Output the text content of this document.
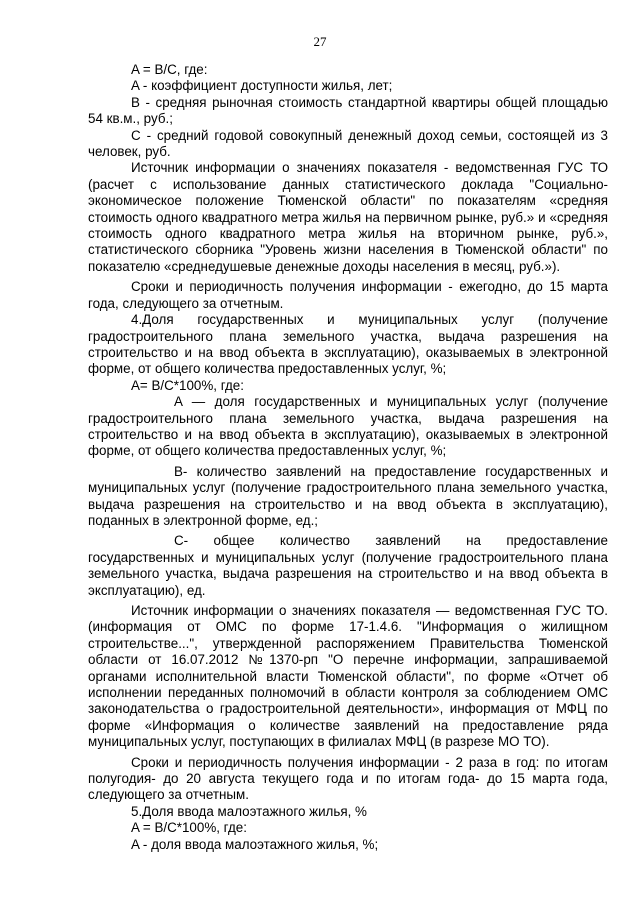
27

A = B/C, где:

A - коэффициент доступности жилья, лет;

B - средняя рыночная стоимость стандартной квартиры общей площадью 54 кв.м., руб.;

C - средний годовой совокупный денежный доход семьи, состоящей из 3 человек, руб.

Источник информации о значениях показателя - ведомственная ГУС ТО (расчет с использование данных статистического доклада "Социально-экономическое положение Тюменской области" по показателям «средняя стоимость одного квадратного метра жилья на первичном рынке, руб.» и «средняя стоимость одного квадратного метра жилья на вторичном рынке, руб.», статистического сборника "Уровень жизни населения в Тюменской области" по показателю «среднедушевые денежные доходы населения в месяц, руб.»).

Сроки и периодичность получения информации - ежегодно, до 15 марта года, следующего за отчетным.

4.Доля государственных и муниципальных услуг (получение градостроительного плана земельного участка, выдача разрешения на строительство и на ввод объекта в эксплуатацию), оказываемых в электронной форме, от общего количества предоставленных услуг, %;

A= B/C*100%, где:

A — доля государственных и муниципальных услуг (получение градостроительного плана земельного участка, выдача разрешения на строительство и на ввод объекта в эксплуатацию), оказываемых в электронной форме, от общего количества предоставленных услуг, %;

B- количество заявлений на предоставление государственных и муниципальных услуг (получение градостроительного плана земельного участка, выдача разрешения на строительство и на ввод объекта в эксплуатацию), поданных в электронной форме, ед.;

C- общее количество заявлений на предоставление государственных и муниципальных услуг (получение градостроительного плана земельного участка, выдача разрешения на строительство и на ввод объекта в эксплуатацию), ед.

Источник информации о значениях показателя — ведомственная ГУС ТО. (информация от ОМС по форме 17-1.4.6. "Информация о жилищном строительстве...", утвержденной распоряжением Правительства Тюменской области от 16.07.2012 №1370-рп "О перечне информации, запрашиваемой органами исполнительной власти Тюменской области", по форме «Отчет об исполнении переданных полномочий в области контроля за соблюдением ОМС законодательства о градостроительной деятельности», информация от МФЦ по форме «Информация о количестве заявлений на предоставление ряда муниципальных услуг, поступающих в филиалах МФЦ (в разрезе МО ТО).

Сроки и периодичность получения информации - 2 раза в год: по итогам полугодия- до 20 августа текущего года и по итогам года- до 15 марта года, следующего за отчетным.

5.Доля ввода малоэтажного жилья, %

A = B/C*100%, где:

A - доля ввода малоэтажного жилья, %;
